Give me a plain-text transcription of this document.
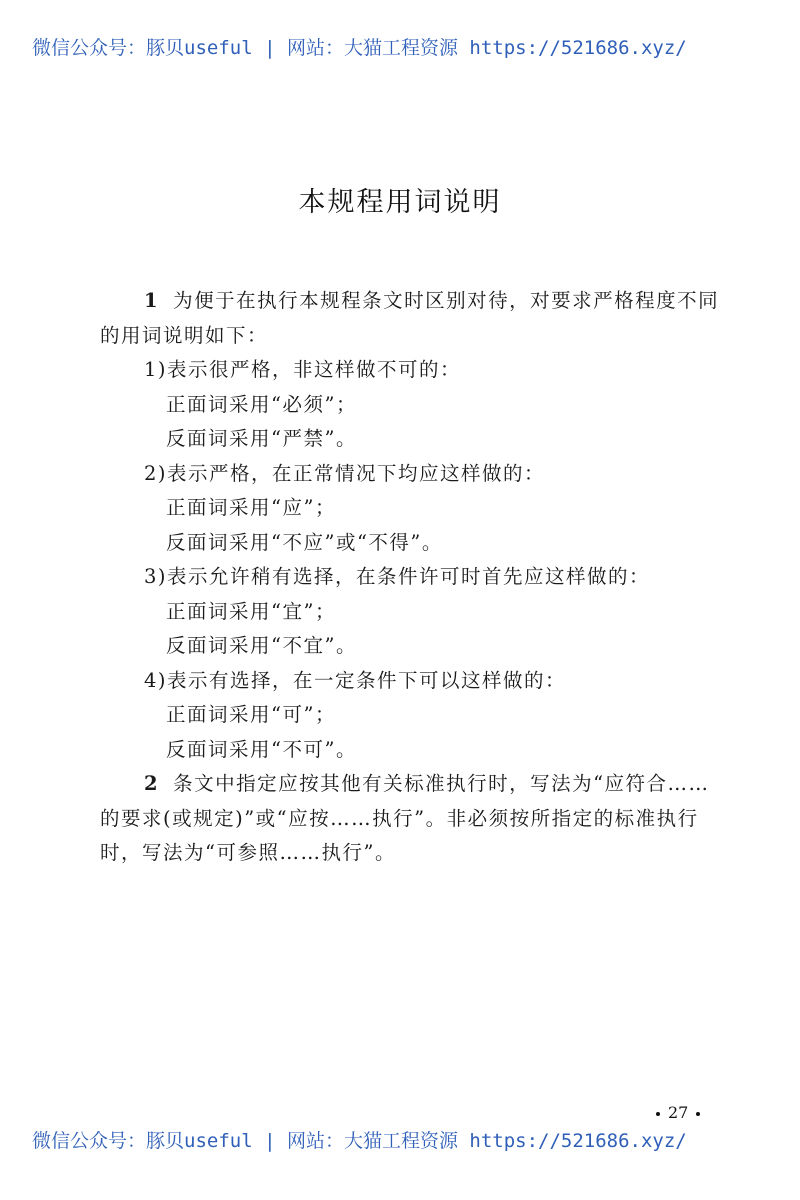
微信公众号：豚贝useful | 网站：大猫工程资源 https://521686.xyz/
本规程用词说明
1 为便于在执行本规程条文时区别对待，对要求严格程度不同的用词说明如下：
1)表示很严格，非这样做不可的：
正面词采用“必须”；
反面词采用“严禁”。
2)表示严格，在正常情况下均应这样做的：
正面词采用“应”；
反面词采用“不应”或“不得”。
3)表示允许稍有选择，在条件许可时首先应这样做的：
正面词采用“宜”；
反面词采用“不宜”。
4)表示有选择，在一定条件下可以这样做的：
正面词采用“可”；
反面词采用“不可”。
2 条文中指定应按其他有关标准执行时，写法为“应符合……的要求(或规定)”或“应按……执行”。非必须按所指定的标准执行时，写法为“可参照……执行”。
27
微信公众号：豚贝useful | 网站：大猫工程资源 https://521686.xyz/
